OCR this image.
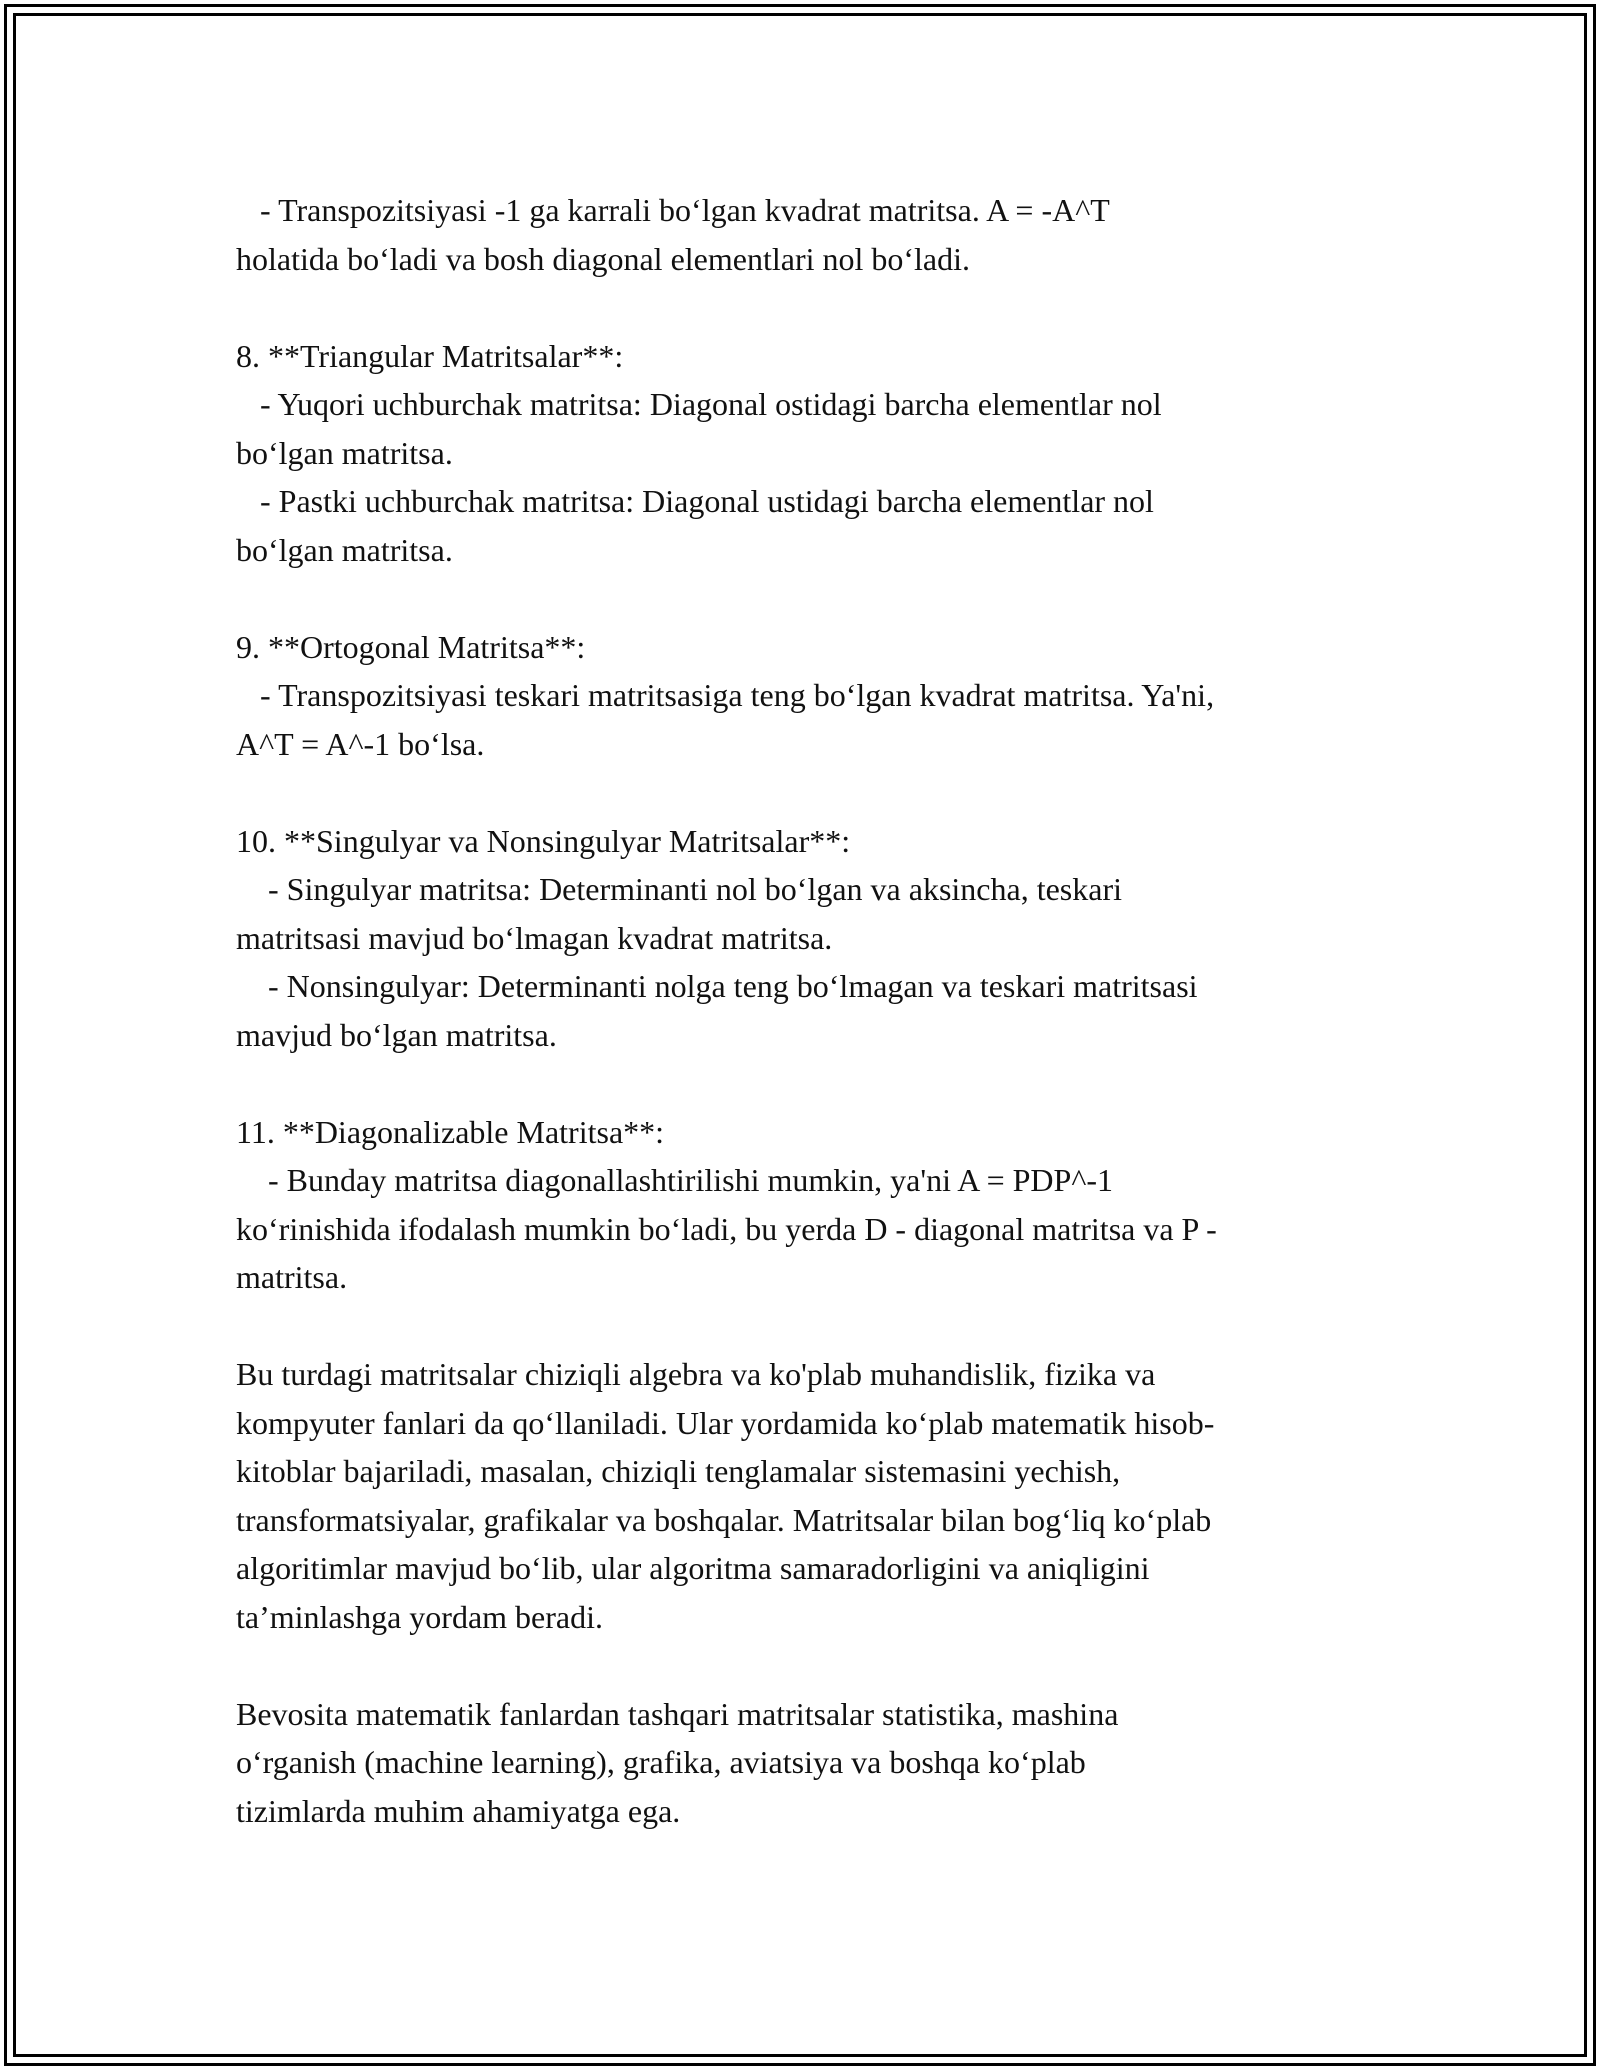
- Transpozitsiyasi -1 ga karrali bo‘lgan kvadrat matritsa. A = -A^T
holatida bo‘ladi va bosh diagonal elementlari nol bo‘ladi.
8. **Triangular Matritsalar**:
- Yuqori uchburchak matritsa: Diagonal ostidagi barcha elementlar nol
bo‘lgan matritsa.
- Pastki uchburchak matritsa: Diagonal ustidagi barcha elementlar nol
bo‘lgan matritsa.
9. **Ortogonal Matritsa**:
- Transpozitsiyasi teskari matritsasiga teng bo‘lgan kvadrat matritsa. Ya'ni,
A^T = A^-1 bo‘lsa.
10. **Singulyar va Nonsingulyar Matritsalar**:
- Singulyar matritsa: Determinanti nol bo‘lgan va aksincha, teskari
matritsasi mavjud bo‘lmagan kvadrat matritsa.
- Nonsingulyar: Determinanti nolga teng bo‘lmagan va teskari matritsasi
mavjud bo‘lgan matritsa.
11. **Diagonalizable Matritsa**:
- Bunday matritsa diagonallashtirilishi mumkin, ya'ni A = PDP^-1
ko‘rinishida ifodalash mumkin bo‘ladi, bu yerda D - diagonal matritsa va P -
matritsa.
Bu turdagi matritsalar chiziqli algebra va ko'plab muhandislik, fizika va
kompyuter fanlari da qo‘llaniladi. Ular yordamida ko‘plab matematik hisob-
kitoblar bajariladi, masalan, chiziqli tenglamalar sistemasini yechish,
transformatsiyalar, grafikalar va boshqalar. Matritsalar bilan bog‘liq ko‘plab
algoritimlar mavjud bo‘lib, ular algoritma samaradorligini va aniqligini
ta’minlashga yordam beradi.
Bevosita matematik fanlardan tashqari matritsalar statistika, mashina
o‘rganish (machine learning), grafika, aviatsiya va boshqa ko‘plab
tizimlarda muhim ahamiyatga ega.
